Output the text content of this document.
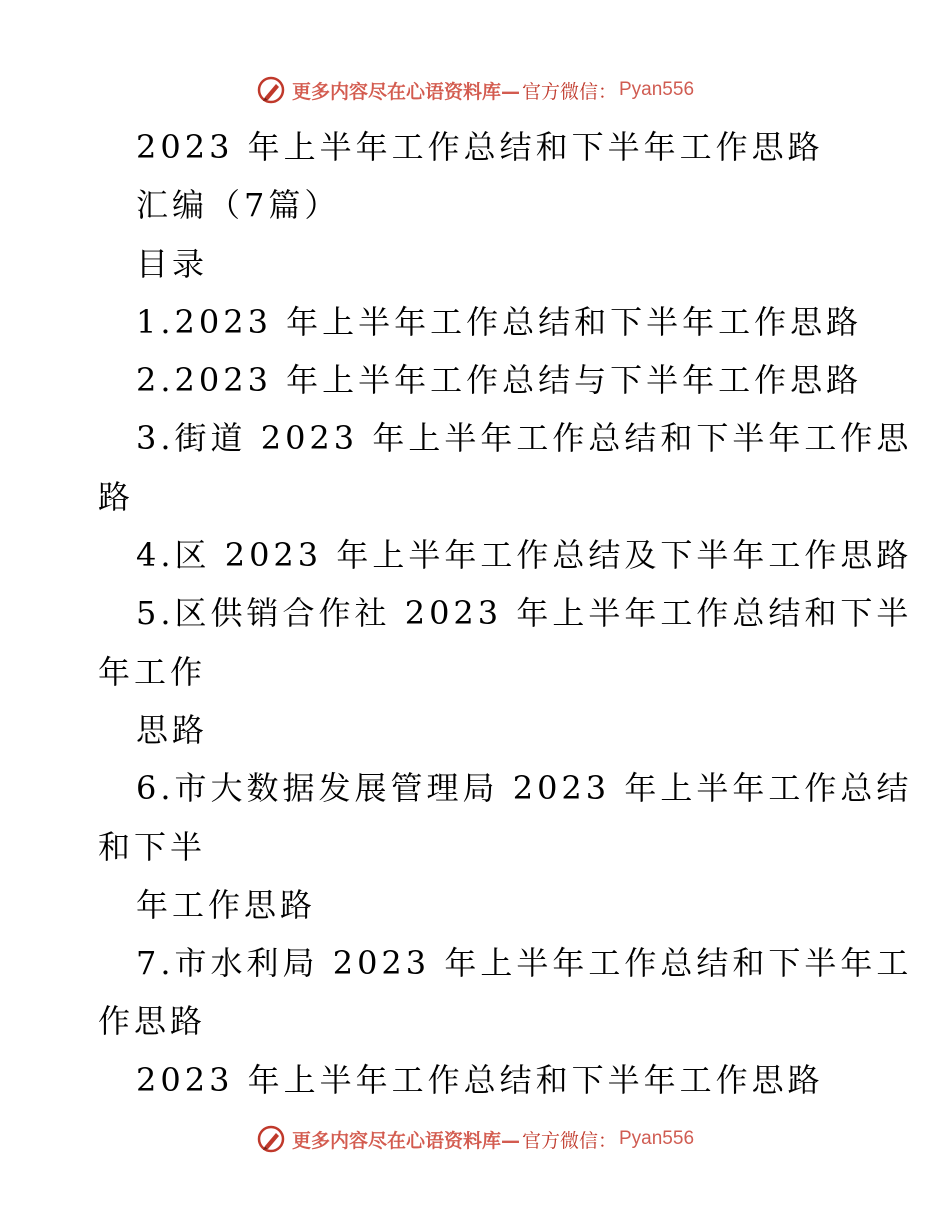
更多内容尽在心语资料库— 官方微信： Pyan556
2023 年上半年工作总结和下半年工作思路
汇编（7篇）
目录
1.2023 年上半年工作总结和下半年工作思路
2.2023 年上半年工作总结与下半年工作思路
3.街道 2023 年上半年工作总结和下半年工作思
路
4.区 2023 年上半年工作总结及下半年工作思路
5.区供销合作社 2023 年上半年工作总结和下半
年工作
思路
6.市大数据发展管理局 2023 年上半年工作总结
和下半
年工作思路
7.市水利局 2023 年上半年工作总结和下半年工
作思路
2023 年上半年工作总结和下半年工作思路
更多内容尽在心语资料库— 官方微信： Pyan556
